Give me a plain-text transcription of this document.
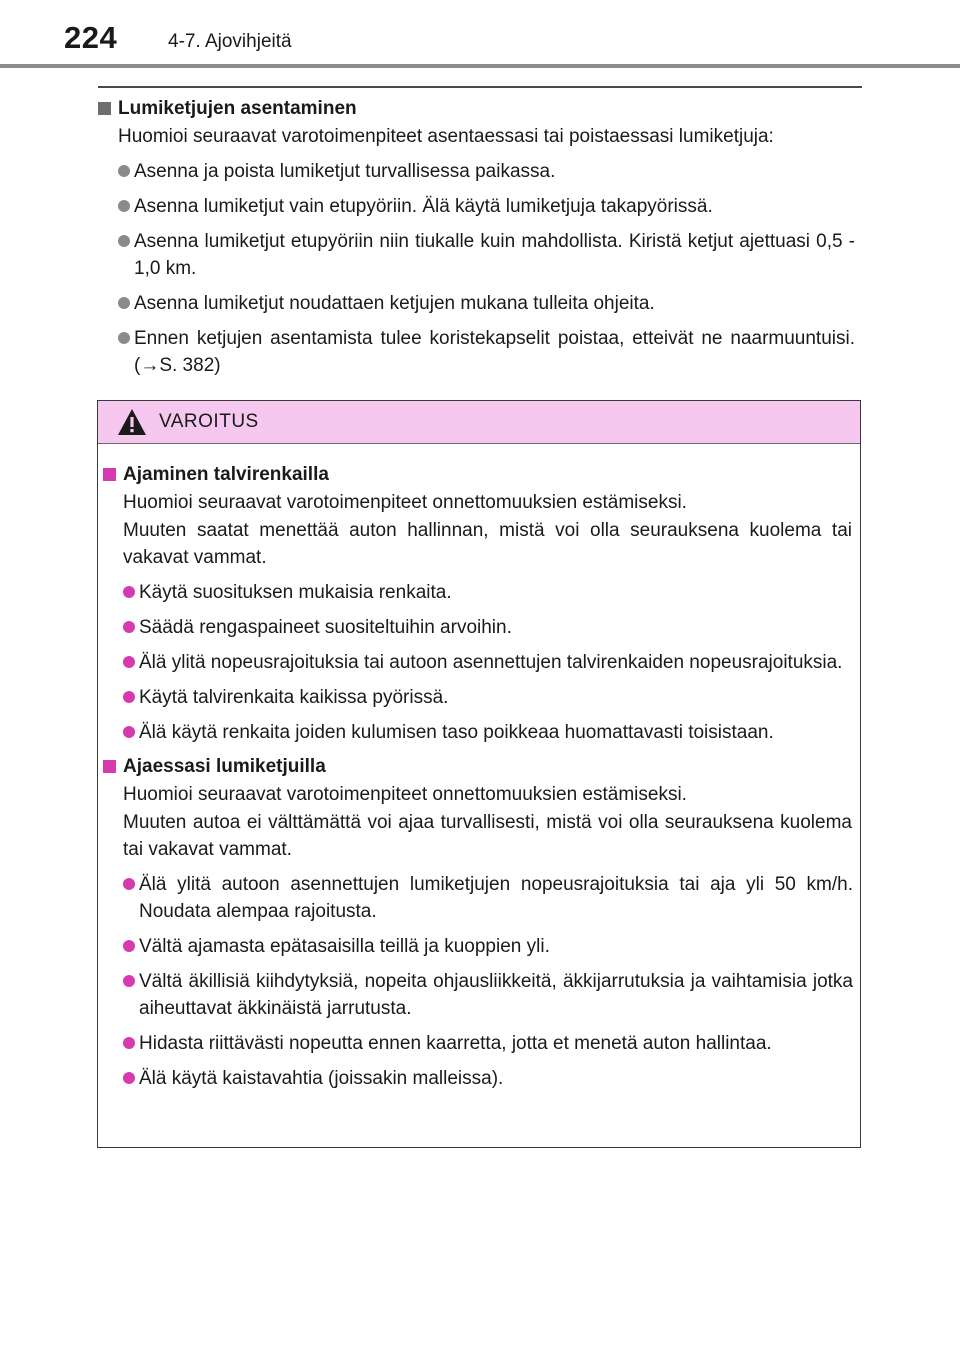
224	4-7. Ajovihjeitä
Lumiketjujen asentaminen
Huomioi seuraavat varotoimenpiteet asentaessasi tai poistaessasi lumiketjuja:
Asenna ja poista lumiketjut turvallisessa paikassa.
Asenna lumiketjut vain etupyöriin. Älä käytä lumiketjuja takapyörissä.
Asenna lumiketjut etupyöriin niin tiukalle kuin mahdollista. Kiristä ketjut ajettuasi 0,5 - 1,0 km.
Asenna lumiketjut noudattaen ketjujen mukana tulleita ohjeita.
Ennen ketjujen asentamista tulee koristekapselit poistaa, etteivät ne naarmuuntuisi. (→S. 382)
VAROITUS
Ajaminen talvirenkailla
Huomioi seuraavat varotoimenpiteet onnettomuuksien estämiseksi.
Muuten saatat menettää auton hallinnan, mistä voi olla seurauksena kuolema tai vakavat vammat.
Käytä suosituksen mukaisia renkaita.
Säädä rengaspaineet suositeltuihin arvoihin.
Älä ylitä nopeusrajoituksia tai autoon asennettujen talvirenkaiden nopeusrajoituksia.
Käytä talvirenkaita kaikissa pyörissä.
Älä käytä renkaita joiden kulumisen taso poikkeaa huomattavasti toisistaan.
Ajaessasi lumiketjuilla
Huomioi seuraavat varotoimenpiteet onnettomuuksien estämiseksi.
Muuten autoa ei välttämättä voi ajaa turvallisesti, mistä voi olla seurauksena kuolema tai vakavat vammat.
Älä ylitä autoon asennettujen lumiketjujen nopeusrajoituksia tai aja yli 50 km/h. Noudata alempaa rajoitusta.
Vältä ajamasta epätasaisilla teillä ja kuoppien yli.
Vältä äkillisiä kiihdytyksiä, nopeita ohjausliikkeitä, äkkijarrutuksia ja vaihtamisia jotka aiheuttavat äkkinäistä jarrutusta.
Hidasta riittävästi nopeutta ennen kaarretta, jotta et menetä auton hallintaa.
Älä käytä kaistavahtia (joissakin malleissa).
